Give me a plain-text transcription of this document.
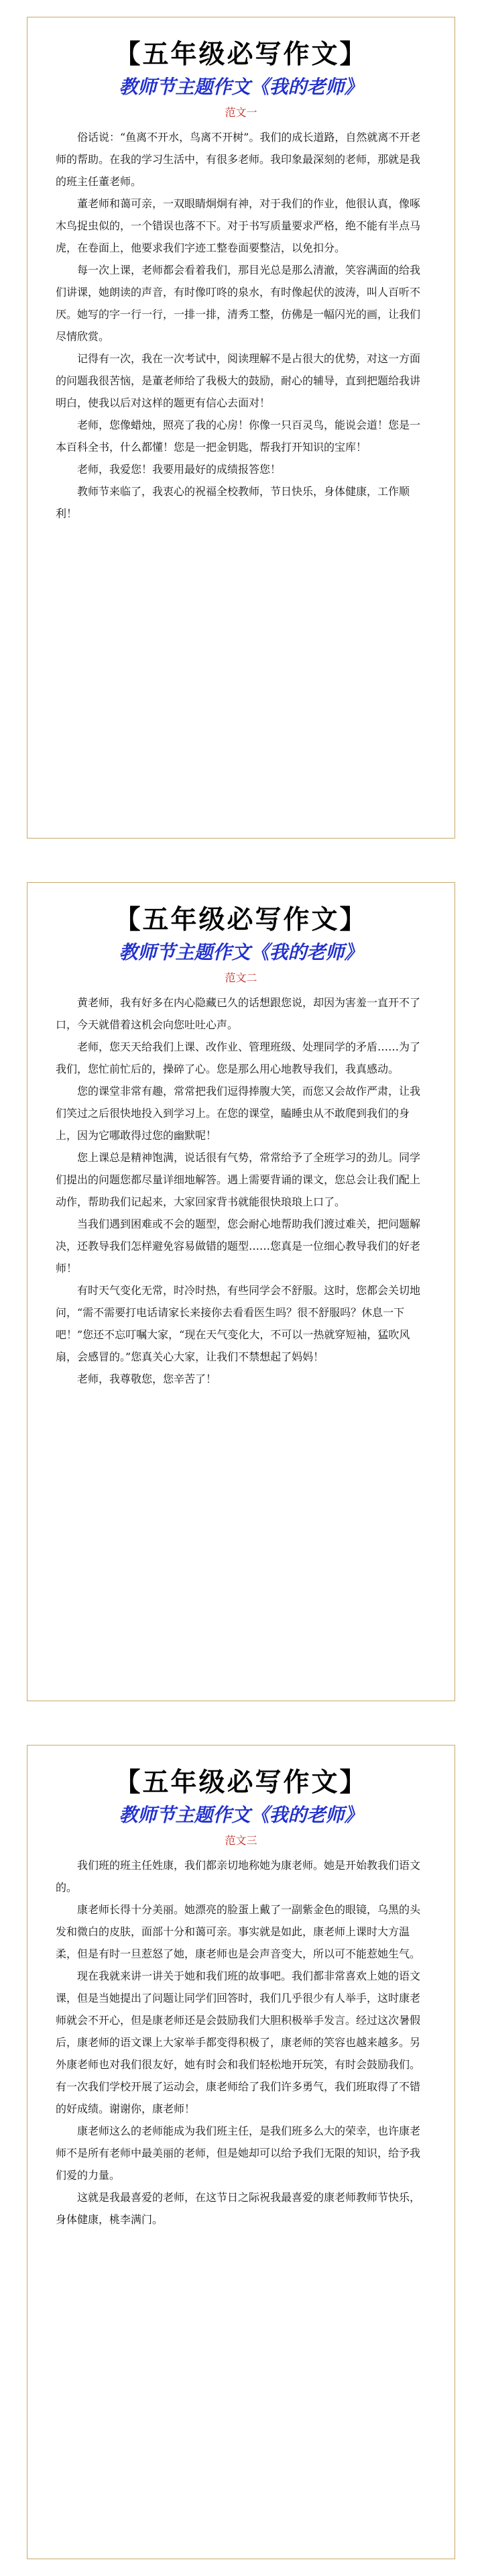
【五年级必写作文】
教师节主题作文《我的老师》
范文一

俗话说：“鱼离不开水，鸟离不开树”。我们的成长道路，自然就离不开老师的帮助。在我的学习生活中，有很多老师。我印象最深刻的老师，那就是我的班主任董老师。

董老师和蔼可亲，一双眼睛炯炯有神，对于我们的作业，他很认真，像啄木鸟捉虫似的，一个错误也落不下。对于书写质量要求严格，绝不能有半点马虎，在卷面上，他要求我们字迹工整卷面要整洁，以免扣分。

每一次上课，老师都会看着我们，那目光总是那么清澈，笑容满面的给我们讲课，她朗读的声音，有时像叮咚的泉水，有时像起伏的波涛，叫人百听不厌。她写的字一行一行，一排一排，清秀工整，仿佛是一幅闪光的画，让我们尽情欣赏。

记得有一次，我在一次考试中，阅读理解不是占很大的优势，对这一方面的问题我很苦恼，是董老师给了我极大的鼓励，耐心的辅导，直到把题给我讲明白，使我以后对这样的题更有信心去面对！

老师，您像蜡烛，照亮了我的心房！你像一只百灵鸟，能说会道！您是一本百科全书，什么都懂！您是一把金钥匙，帮我打开知识的宝库！

老师，我爱您！我要用最好的成绩报答您！

教师节来临了，我衷心的祝福全校教师，节日快乐，身体健康，工作顺利！

【五年级必写作文】
教师节主题作文《我的老师》
范文二

黄老师，我有好多在内心隐藏已久的话想跟您说，却因为害羞一直开不了口，今天就借着这机会向您吐吐心声。

老师，您天天给我们上课、改作业、管理班级、处理同学的矛盾……为了我们，您忙前忙后的，操碎了心。您是那么用心地教导我们，我真感动。

您的课堂非常有趣，常常把我们逗得捧腹大笑，而您又会故作严肃，让我们笑过之后很快地投入到学习上。在您的课堂，瞌睡虫从不敢爬到我们的身上，因为它哪敢得过您的幽默呢！

您上课总是精神饱满，说话很有气势，常常给予了全班学习的劲儿。同学们提出的问题您都尽量详细地解答。遇上需要背诵的课文，您总会让我们配上动作，帮助我们记起来，大家回家背书就能很快琅琅上口了。

当我们遇到困难或不会的题型，您会耐心地帮助我们渡过难关，把问题解决，还教导我们怎样避免容易做错的题型……您真是一位细心教导我们的好老师！

有时天气变化无常，时冷时热，有些同学会不舒服。这时，您都会关切地问，“需不需要打电话请家长来接你去看看医生吗？很不舒服吗？休息一下吧！”您还不忘叮嘱大家，“现在天气变化大，不可以一热就穿短袖，猛吹风扇，会感冒的。”您真关心大家，让我们不禁想起了妈妈！

老师，我尊敬您，您辛苦了！

【五年级必写作文】
教师节主题作文《我的老师》
范文三

我们班的班主任姓康，我们都亲切地称她为康老师。她是开始教我们语文的。

康老师长得十分美丽。她漂亮的脸蛋上戴了一副紫金色的眼镜，乌黑的头发和微白的皮肤，面部十分和蔼可亲。事实就是如此，康老师上课时大方温柔，但是有时一旦惹怒了她，康老师也是会声音变大，所以可不能惹她生气。

现在我就来讲一讲关于她和我们班的故事吧。我们都非常喜欢上她的语文课，但是当她提出了问题让同学们回答时，我们几乎很少有人举手，这时康老师就会不开心，但是康老师还是会鼓励我们大胆积极举手发言。经过这次暑假后，康老师的语文课上大家举手都变得积极了，康老师的笑容也越来越多。另外康老师也对我们很友好，她有时会和我们轻松地开玩笑，有时会鼓励我们。有一次我们学校开展了运动会，康老师给了我们许多勇气，我们班取得了不错的好成绩。谢谢你，康老师！

康老师这么的老师能成为我们班主任，是我们班多么大的荣幸，也许康老师不是所有老师中最美丽的老师，但是她却可以给予我们无限的知识，给予我们爱的力量。

这就是我最喜爱的老师，在这节日之际祝我最喜爱的康老师教师节快乐，身体健康，桃李满门。
